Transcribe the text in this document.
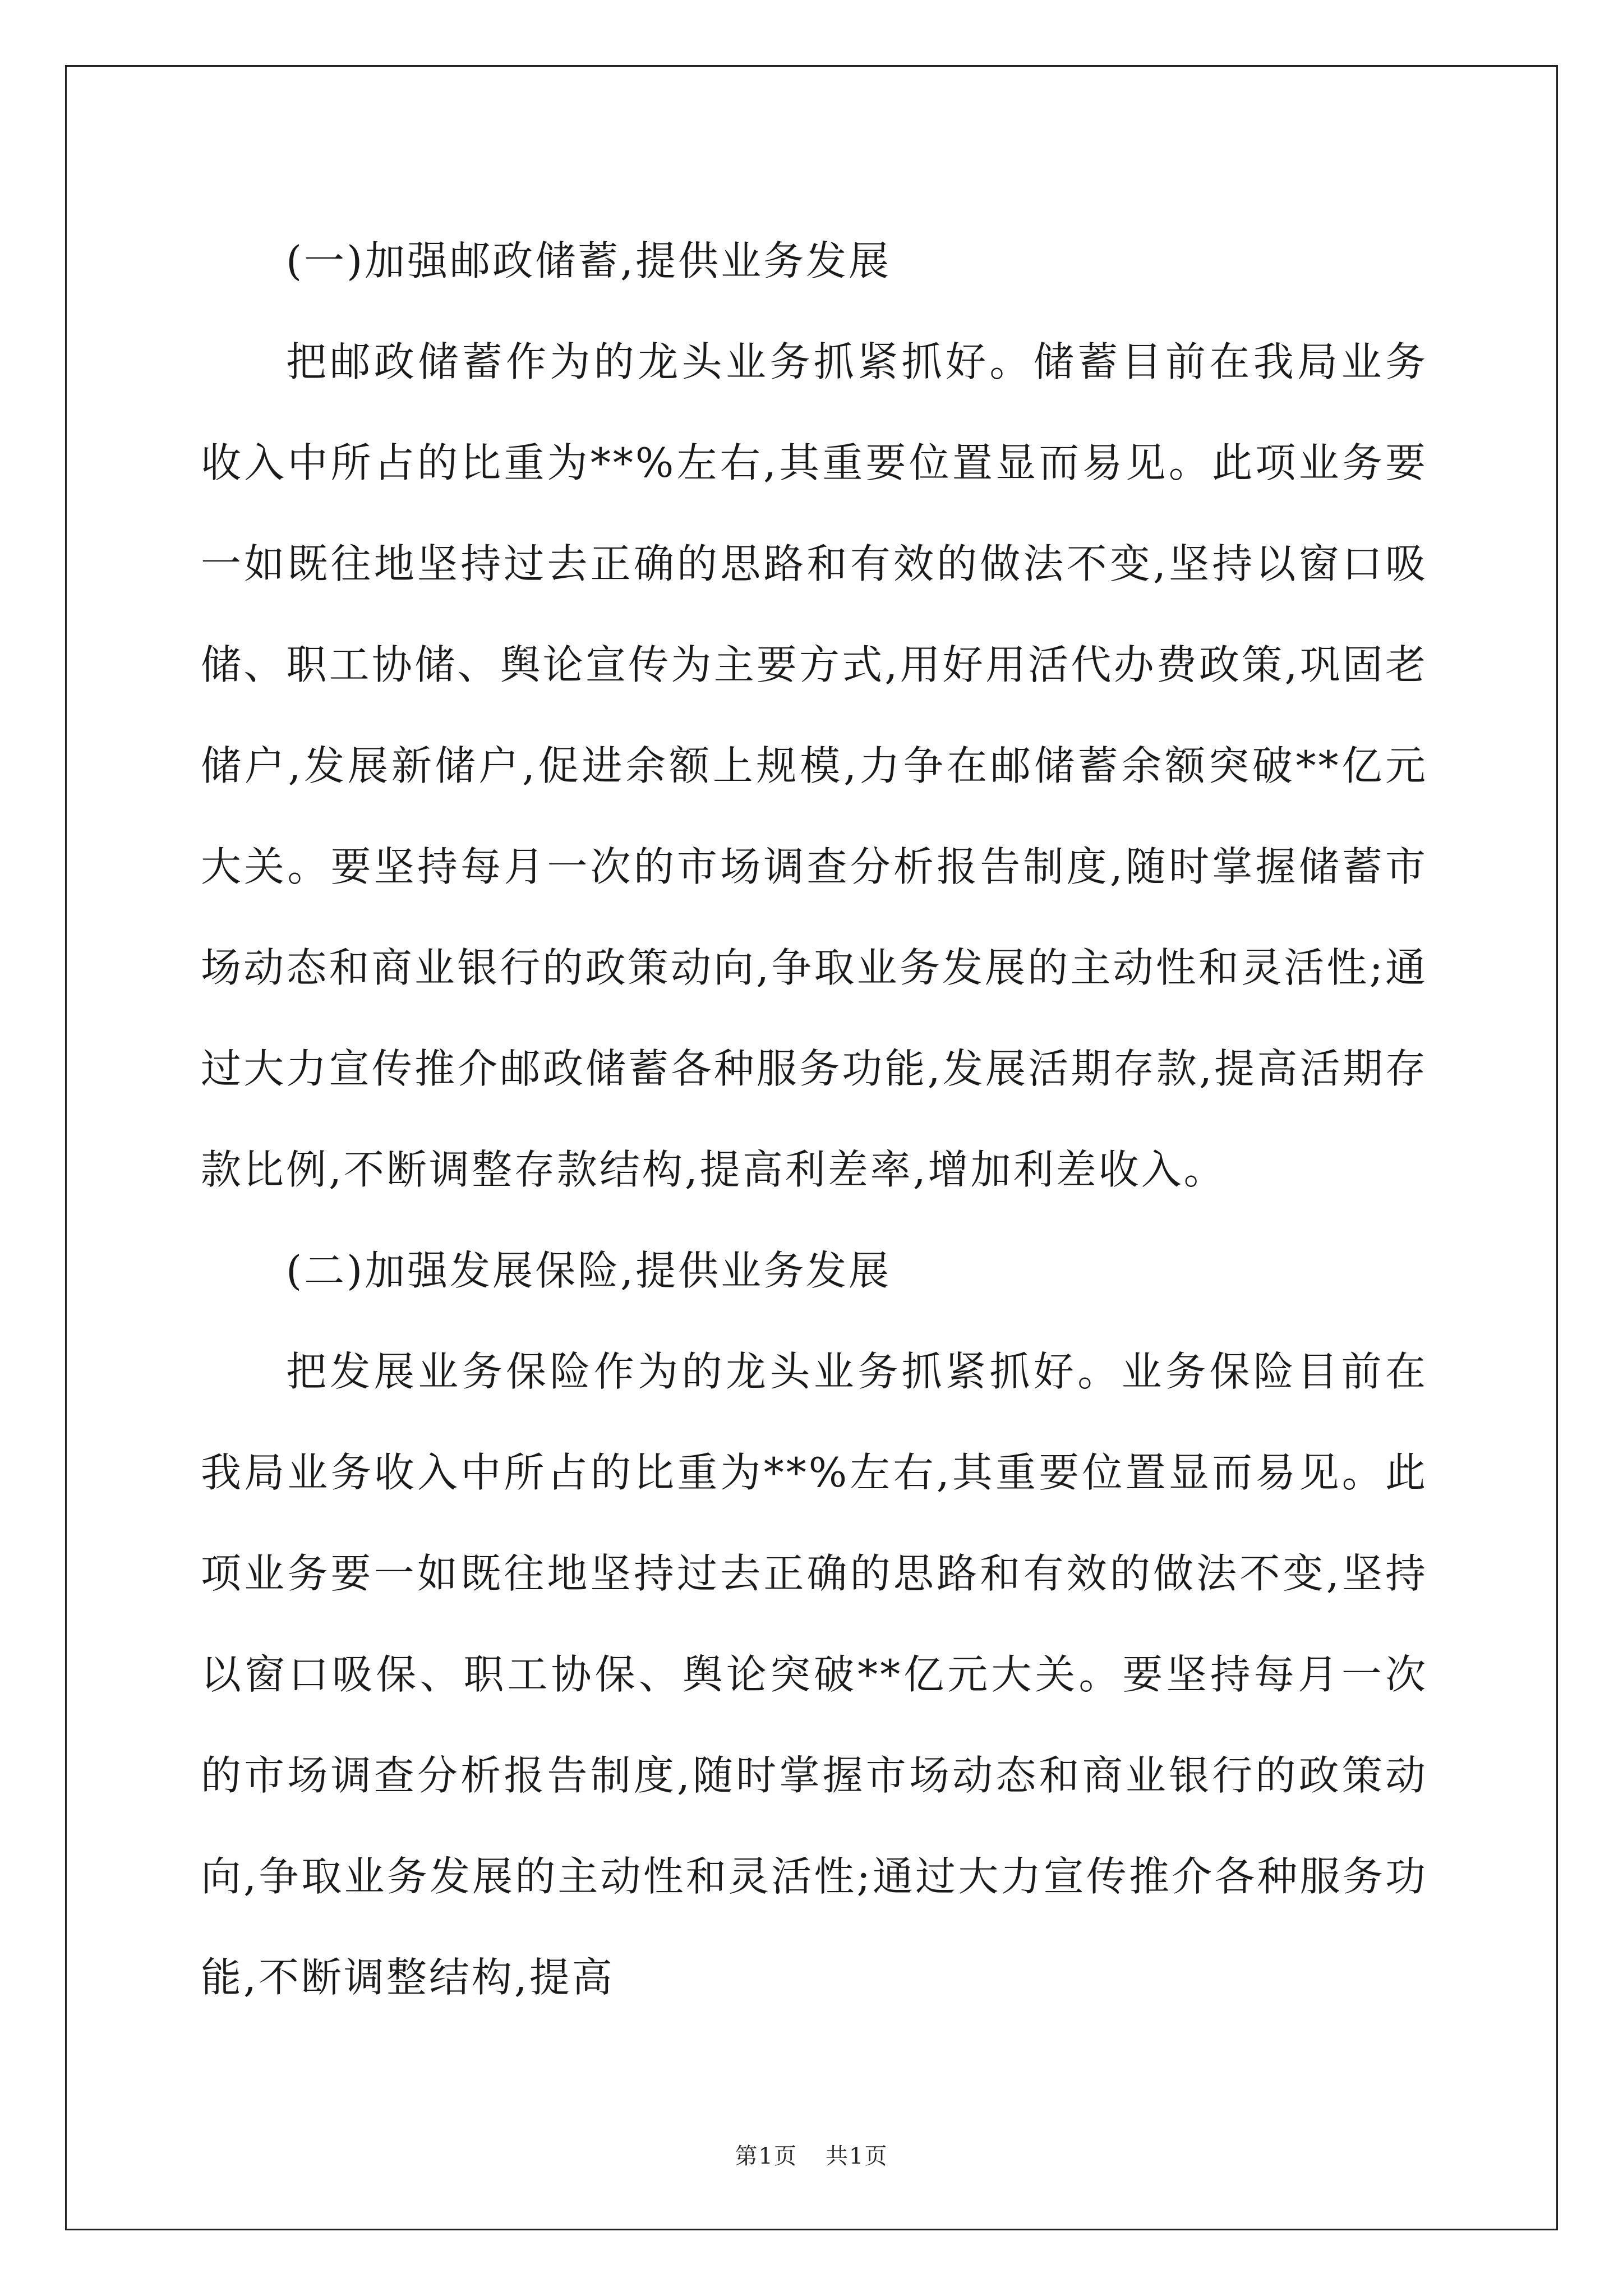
(一)加强邮政储蓄,提供业务发展

把邮政储蓄作为的龙头业务抓紧抓好。储蓄目前在我局业务收入中所占的比重为**%左右,其重要位置显而易见。此项业务要一如既往地坚持过去正确的思路和有效的做法不变,坚持以窗口吸储、职工协储、舆论宣传为主要方式,用好用活代办费政策,巩固老储户,发展新储户,促进余额上规模,力争在邮储蓄余额突破**亿元大关。要坚持每月一次的市场调查分析报告制度,随时掌握储蓄市场动态和商业银行的政策动向,争取业务发展的主动性和灵活性;通过大力宣传推介邮政储蓄各种服务功能,发展活期存款,提高活期存款比例,不断调整存款结构,提高利差率,增加利差收入。

(二)加强发展保险,提供业务发展

把发展业务保险作为的龙头业务抓紧抓好。业务保险目前在我局业务收入中所占的比重为**%左右,其重要位置显而易见。此项业务要一如既往地坚持过去正确的思路和有效的做法不变,坚持以窗口吸保、职工协保、舆论突破**亿元大关。要坚持每月一次的市场调查分析报告制度,随时掌握市场动态和商业银行的政策动向,争取业务发展的主动性和灵活性;通过大力宣传推介各种服务功能,不断调整结构,提高

第1页 共1页
